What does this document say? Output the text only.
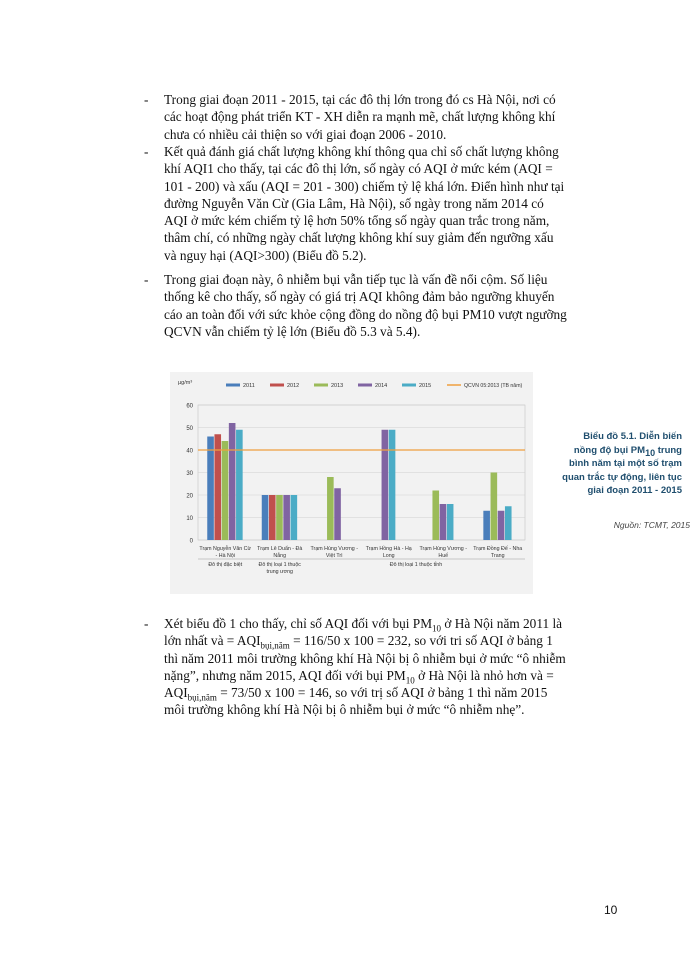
- Trong giai đoạn 2011 - 2015, tại các đô thị lớn trong đó cs Hà Nội, nơi có
các hoạt động phát triển KT - XH diễn ra mạnh mẽ, chất lượng không khí
chưa có nhiều cải thiện so với giai đoạn 2006 - 2010.
- Kết quả đánh giá chất lượng không khí thông qua chỉ số chất lượng không
khí AQI1 cho thấy, tại các đô thị lớn, số ngày có AQI ở mức kém (AQI =
101 - 200) và xấu (AQI = 201 - 300) chiếm tỷ lệ khá lớn. Điển hình như tại
đường Nguyễn Văn Cừ (Gia Lâm, Hà Nội), số ngày trong năm 2014 có
AQI ở mức kém chiếm tỷ lệ hơn 50% tổng số ngày quan trắc trong năm,
thâm chí, có những ngày chất lượng không khí suy giảm đến ngưỡng xấu
và nguy hại (AQI>300) (Biểu đồ 5.2).
- Trong giai đoạn này, ô nhiễm bụi vẫn tiếp tục là vấn đề nổi cộm. Số liệu
thống kê cho thấy, số ngày có giá trị AQI không đảm bảo ngưỡng khuyến
cáo an toàn đối với sức khỏe cộng đồng do nồng độ bụi PM10 vượt ngưỡng
QCVN vẫn chiếm tỷ lệ lớn (Biểu đồ 5.3 và 5.4).
0
10
20
30
40
50
60
µg/m³	2011	2012	2013	2014	2015	QCVN 05:2013 (TB năm)
Trạm Nguyễn Văn Cừ
- Hà Nội
Trạm Lê Duẩn - Đà
Nẵng
Trạm Hùng Vương -
Việt Trì
Trạm Hồng Hà - Hạ
Long
Trạm Hùng Vương -
Huế
Trạm Đồng Đế - Nha
Trang
Đô thị đặc biệt	Đô thị loại 1 thuộc
trung ương
Đô thị loại 1 thuộc tỉnh
Biểu đồ 5.1. Diễn biến
nồng độ bụi $PM_{10}$ trung
bình năm tại một số trạm
quan trắc tự động, liên tục
giai đoạn 2011 - 2015
Nguồn: TCMT, 2015
- Xét biểu đồ 1 cho thấy, chỉ số AQI đối với bụi $PM_{10}$ ở Hà Nội năm 2011 là
lớn nhất và = $AQI_{bụi,năm} = 116/50$ x 100 = 232, so với tri số AQI ở bảng 1
thì năm 2011 môi trường không khí Hà Nội bị ô nhiễm bụi ở mức “ô nhiễm
nặng”, nhưng năm 2015, AQI đối với bụi $PM_{10}$ ở Hà Nội là nhỏ hơn và =
$AQI_{bụi,năm} = 73/50$ x 100 = 146, so với trị số AQI ở bảng 1 thì năm 2015
môi trường không khí Hà Nội bị ô nhiễm bụi ở mức “ô nhiễm nhẹ”.
10
